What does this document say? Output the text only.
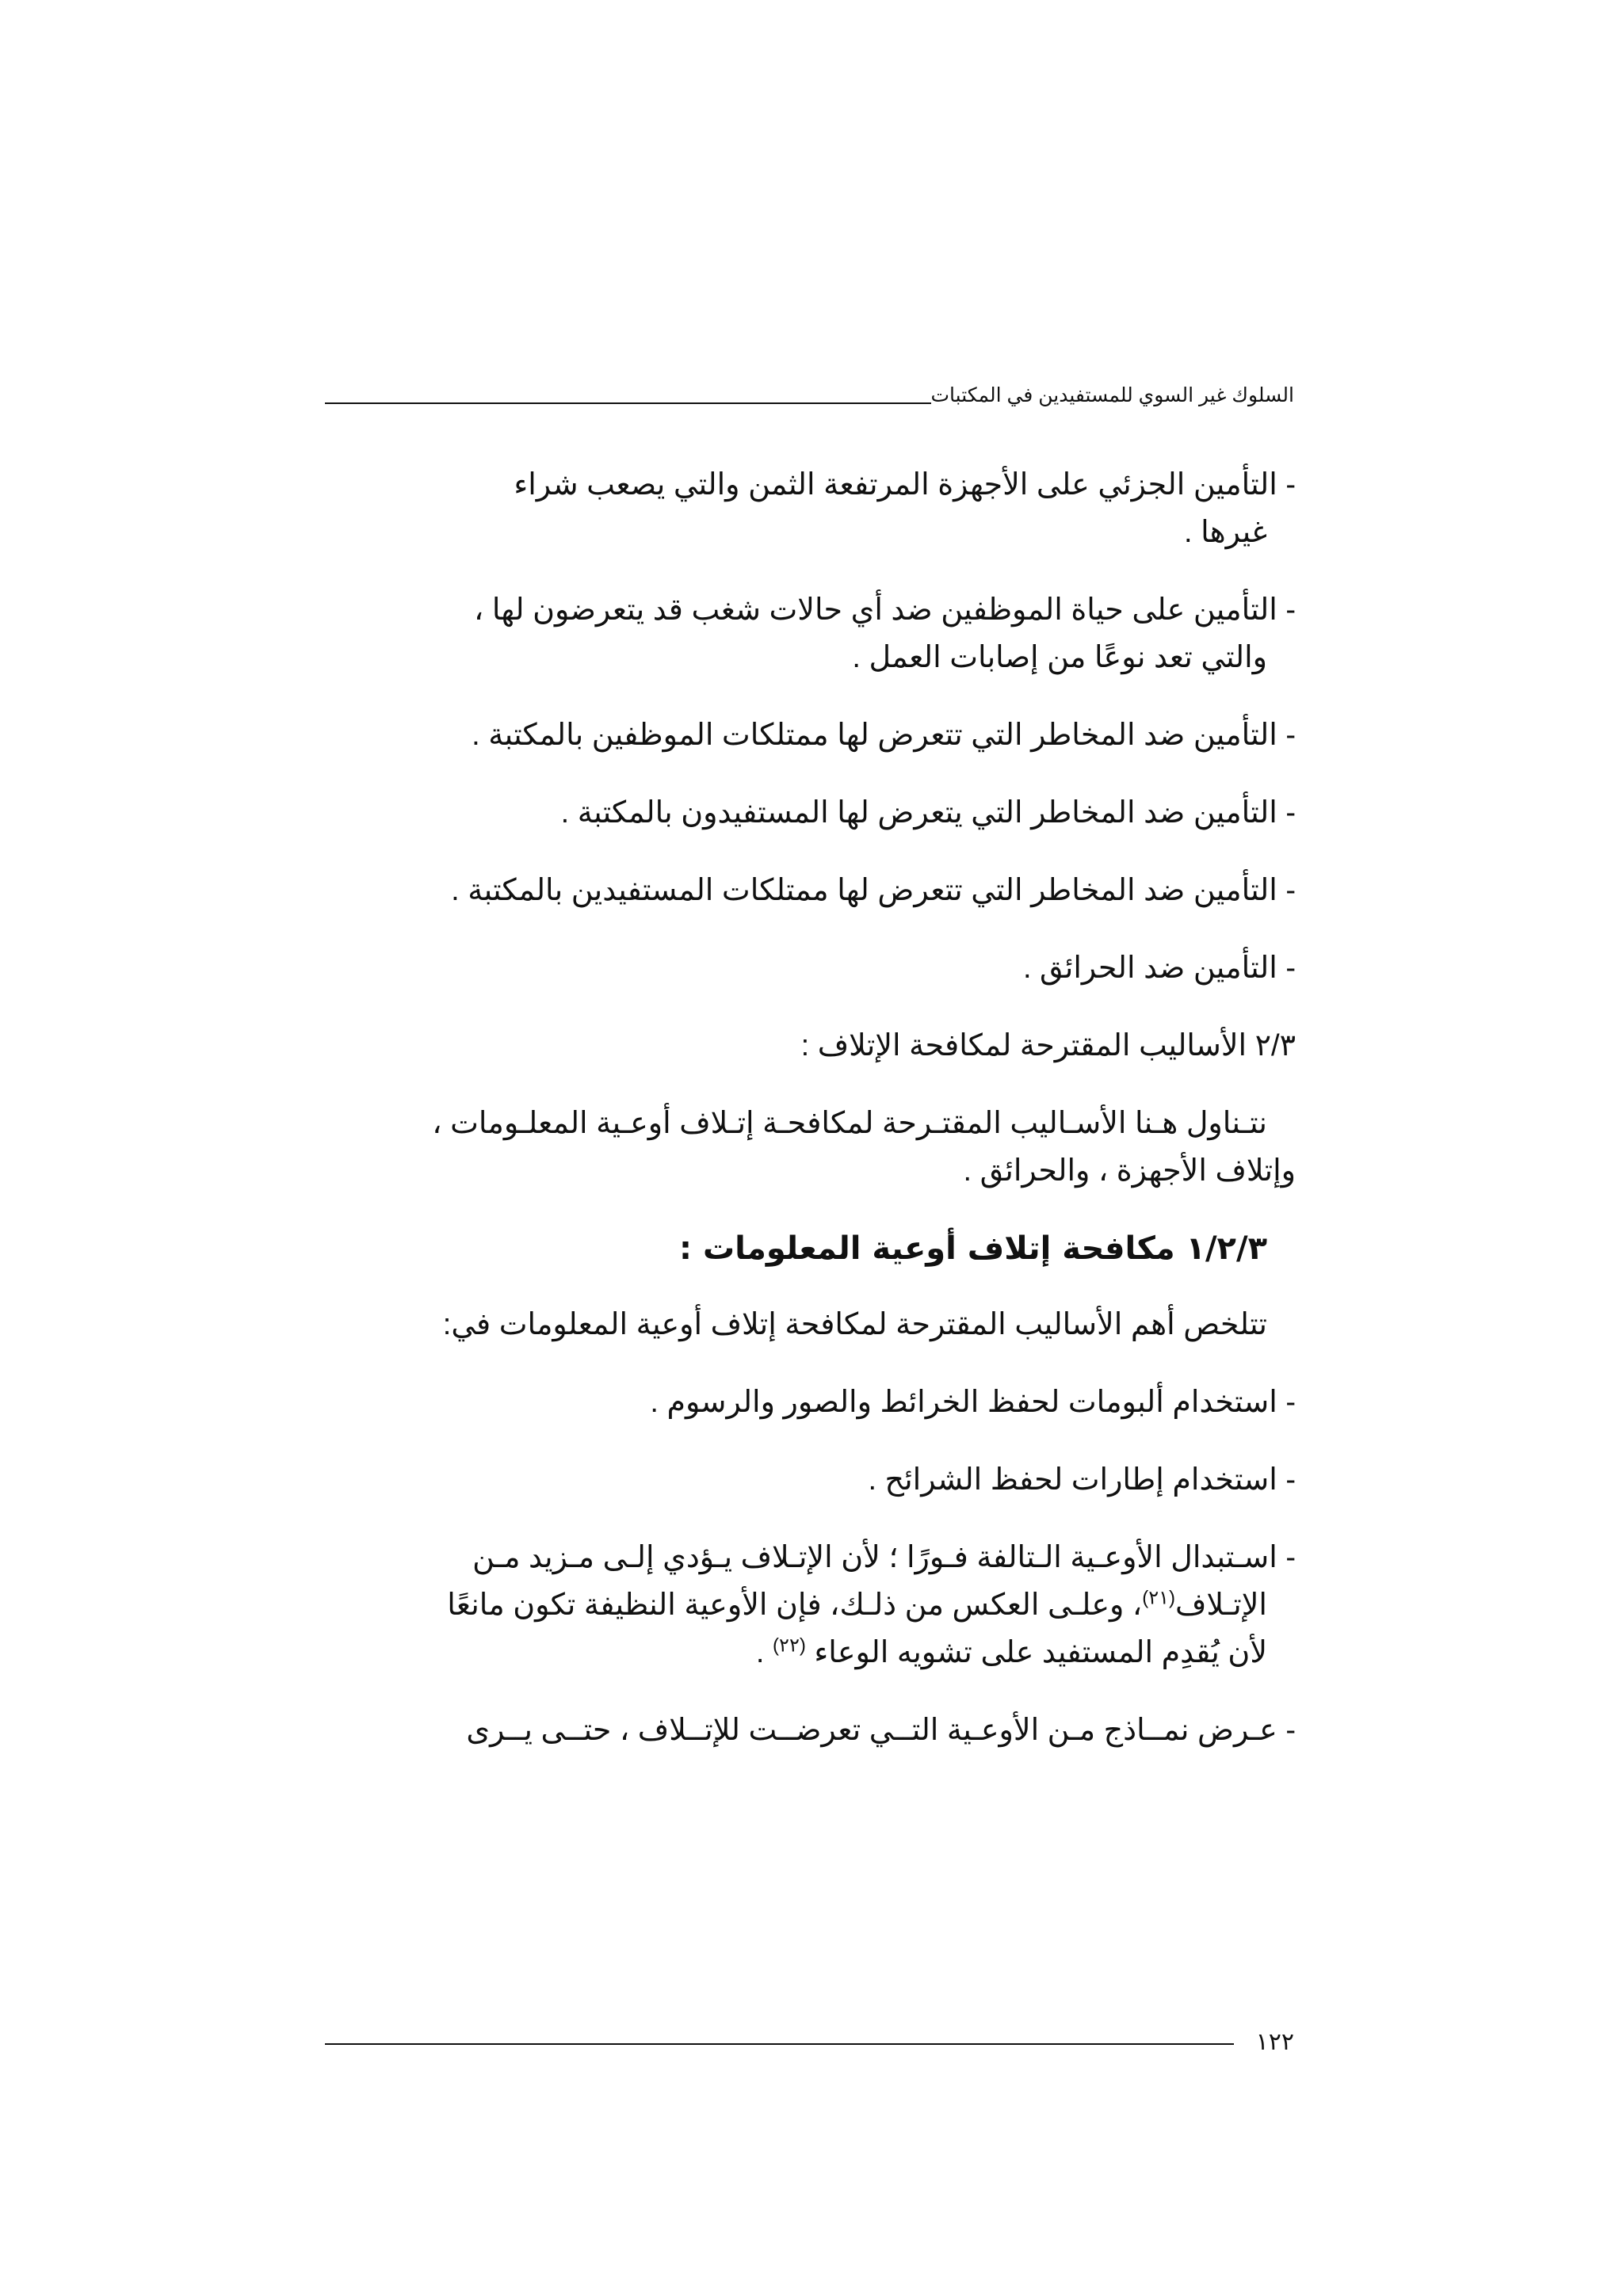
السلوك غير السوي للمستفيدين في المكتبات
- التأمين الجزئي على الأجهزة المرتفعة الثمن والتي يصعب شراء
غيرها .
- التأمين على حياة الموظفين ضد أي حالات شغب قد يتعرضون لها ،
والتي تعد نوعًا من إصابات العمل .
- التأمين ضد المخاطر التي تتعرض لها ممتلكات الموظفين بالمكتبة .
- التأمين ضد المخاطر التي يتعرض لها المستفيدون بالمكتبة .
- التأمين ضد المخاطر التي تتعرض لها ممتلكات المستفيدين بالمكتبة .
- التأمين ضد الحرائق .
٢/٣ الأساليب المقترحة لمكافحة الإتلاف :
نتـناول هـنا الأسـاليب المقتـرحة لمكافحـة إتـلاف أوعـية المعلـومات ،
وإتلاف الأجهزة ، والحرائق .
١/٢/٣ مكافحة إتلاف أوعية المعلومات :
تتلخص أهم الأساليب المقترحة لمكافحة إتلاف أوعية المعلومات في:
- استخدام ألبومات لحفظ الخرائط والصور والرسوم .
- استخدام إطارات لحفظ الشرائح .
- اسـتبدال الأوعـية الـتالفة فـورًا ؛ لأن الإتـلاف يـؤدي إلـى مـزيد مـن
الإتـلاف$^{(٢١)}$، وعلـى العكس من ذلـك، فإن الأوعية النظيفة تكون مانعًا
لأن يُقدِم المستفيد على تشويه الوعاء $^{(٢٢)}$ .
- عـرض نمــاذج مـن الأوعـية التــي تعرضــت للإتــلاف ، حتــى يــرى
١٢٢
